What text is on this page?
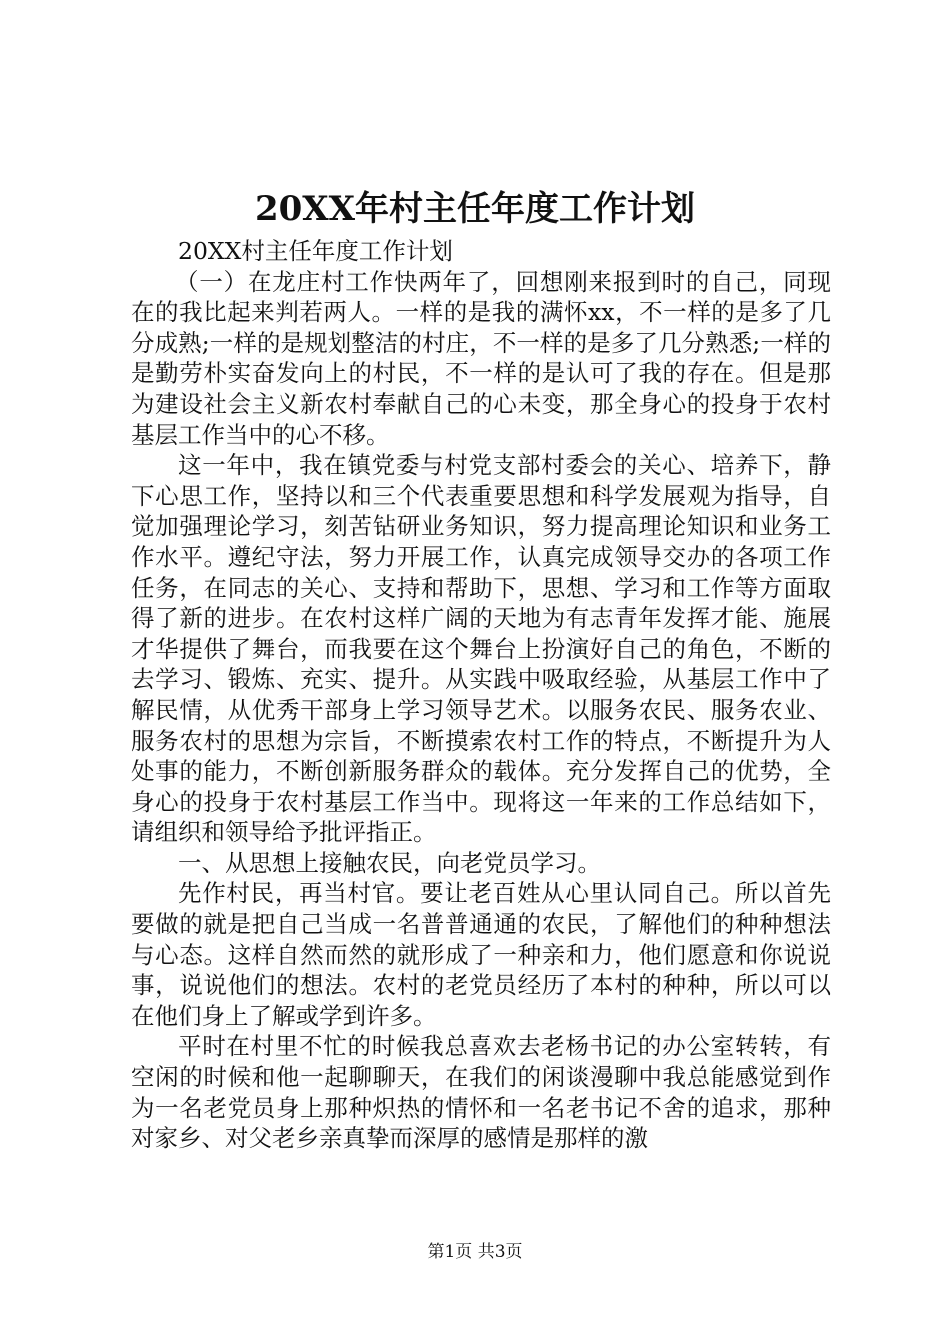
20XX年村主任年度工作计划

20XX村主任年度工作计划

（一）在龙庄村工作快两年了，回想刚来报到时的自己，同现在的我比起来判若两人。一样的是我的满怀xx，不一样的是多了几分成熟;一样的是规划整洁的村庄，不一样的是多了几分熟悉;一样的是勤劳朴实奋发向上的村民，不一样的是认可了我的存在。但是那为建设社会主义新农村奉献自己的心未变，那全身心的投身于农村基层工作当中的心不移。

这一年中，我在镇党委与村党支部村委会的关心、培养下，静下心思工作，坚持以和三个代表重要思想和科学发展观为指导，自觉加强理论学习，刻苦钻研业务知识，努力提高理论知识和业务工作水平。遵纪守法，努力开展工作，认真完成领导交办的各项工作任务，在同志的关心、支持和帮助下，思想、学习和工作等方面取得了新的进步。在农村这样广阔的天地为有志青年发挥才能、施展才华提供了舞台，而我要在这个舞台上扮演好自己的角色，不断的去学习、锻炼、充实、提升。从实践中吸取经验，从基层工作中了解民情，从优秀干部身上学习领导艺术。以服务农民、服务农业、服务农村的思想为宗旨，不断摸索农村工作的特点，不断提升为人处事的能力，不断创新服务群众的载体。充分发挥自己的优势，全身心的投身于农村基层工作当中。现将这一年来的工作总结如下，请组织和领导给予批评指正。

一、从思想上接触农民，向老党员学习。

先作村民，再当村官。要让老百姓从心里认同自己。所以首先要做的就是把自己当成一名普普通通的农民，了解他们的种种想法与心态。这样自然而然的就形成了一种亲和力，他们愿意和你说说事，说说他们的想法。农村的老党员经历了本村的种种，所以可以在他们身上了解或学到许多。

平时在村里不忙的时候我总喜欢去老杨书记的办公室转转，有空闲的时候和他一起聊聊天，在我们的闲谈漫聊中我总能感觉到作为一名老党员身上那种炽热的情怀和一名老书记不舍的追求，那种对家乡、对父老乡亲真挚而深厚的感情是那样的激

第1页 共3页
